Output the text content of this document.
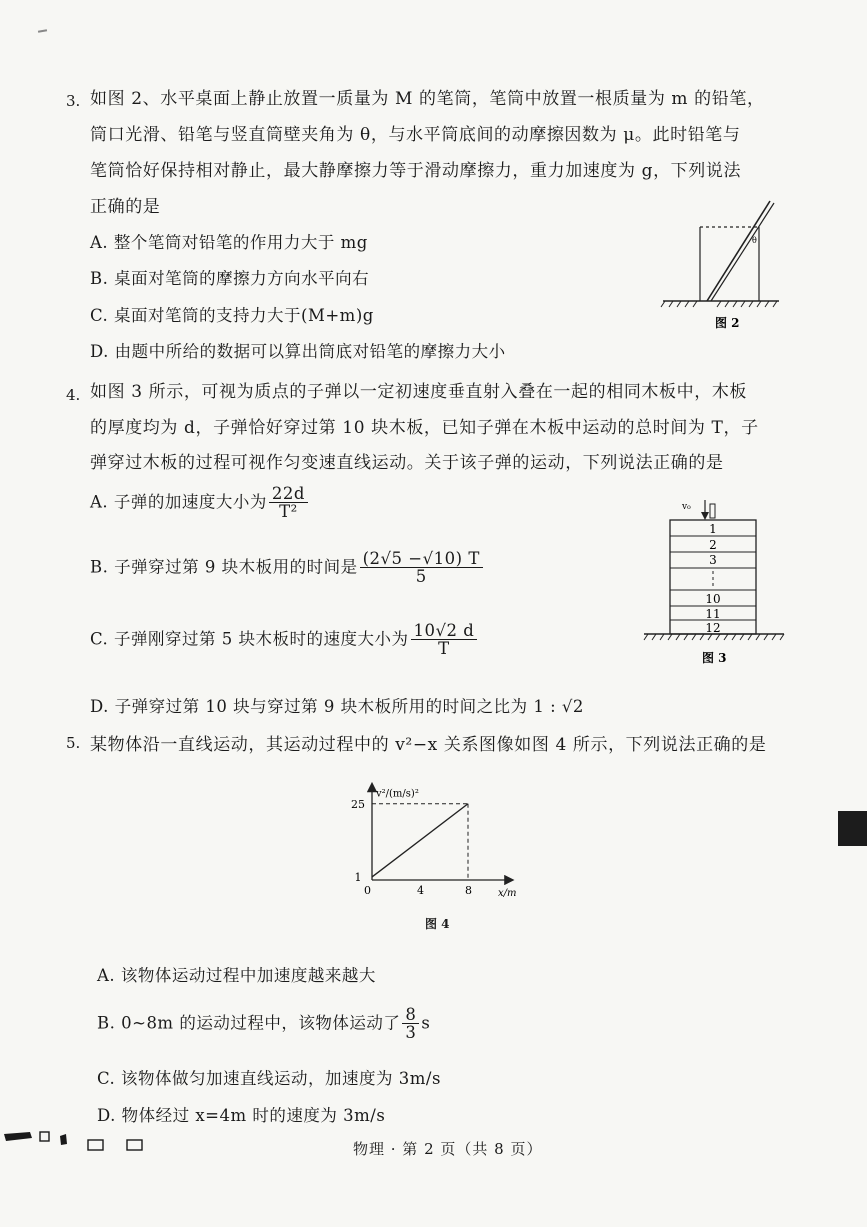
3. 如图 2、水平桌面上静止放置一质量为 M 的笔筒，笔筒中放置一根质量为 m 的铅笔，
筒口光滑、铅笔与竖直筒壁夹角为 θ，与水平筒底间的动摩擦因数为 μ。此时铅笔与
笔筒恰好保持相对静止，最大静摩擦力等于滑动摩擦力，重力加速度为 g，下列说法
正确的是
A. 整个笔筒对铅笔的作用力大于 mg
B. 桌面对笔筒的摩擦力方向水平向右
C. 桌面对笔筒的支持力大于(M+m)g
D. 由题中所给的数据可以算出筒底对铅笔的摩擦力大小
θ
图 2
4. 如图 3 所示，可视为质点的子弹以一定初速度垂直射入叠在一起的相同木板中，木板
的厚度均为 d，子弹恰好穿过第 10 块木板，已知子弹在木板中运动的总时间为 T，子
弹穿过木板的过程可视作匀变速直线运动。关于该子弹的运动，下列说法正确的是
A. 子弹的加速度大小为 $\frac{22d}{\text{T²}}$
B. 子弹穿过第 9 块木板用的时间是 $\frac{(2√5 -√10) T}{5}$
C. 子弹刚穿过第 5 块木板时的速度大小为 $\frac{10√2 d}{T}$
D. 子弹穿过第 10 块与穿过第 9 块木板所用的时间之比为 1 : √2
v₀
1
2
3
10
11
12
图 3
5. 某物体沿一直线运动，其运动过程中的 v²−x 关系图像如图 4 所示，下列说法正确的是
v²/(m/s)²
x/m
0	4	8
1
25
图 4
A. 该物体运动过程中加速度越来越大
B. 0~8m 的运动过程中，该物体运动了 $\frac{8}{3}$ s
C. 该物体做匀加速直线运动，加速度为 3m/s
D. 物体经过 x=4m 时的速度为 3m/s
物理 · 第 2 页（共 8 页）
